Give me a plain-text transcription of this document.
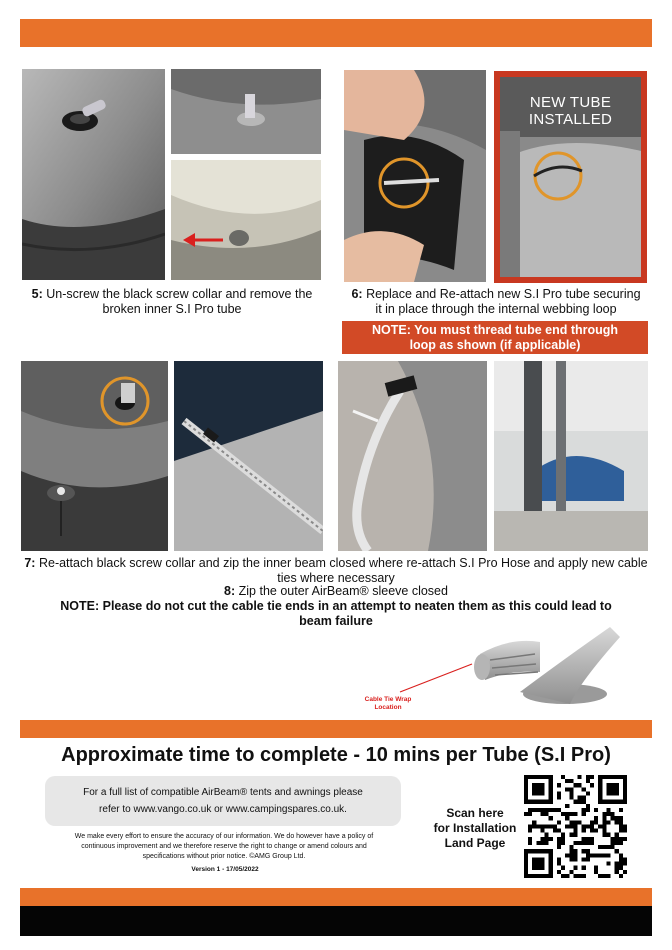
NEW TUBE INSTALLED
5: Un-screw the black screw collar and remove the
broken inner S.I Pro tube
6: Replace and Re-attach new S.I Pro tube securing
it in place through the internal webbing loop
NOTE: You must thread tube end through
loop as shown (if applicable)
7: Re-attach black screw collar and zip the inner beam closed where re-attach S.I Pro Hose and apply new cable
ties where necessary
8: Zip the outer AirBeam® sleeve closed
NOTE: Please do not cut the cable tie ends in an attempt to neaten them as this could lead to
beam failure
Cable Tie Wrap
Location
Approximate time to complete - 10 mins per Tube (S.I Pro)
For a full list of compatible AirBeam® tents and awnings please
refer to www.vango.co.uk or www.campingspares.co.uk.
We make every effort to ensure the accuracy of our information. We do however have a policy of continuous improvement and we therefore reserve the right to change or amend colours and specifications without prior notice. ©AMG Group Ltd.
Version 1 - 17/05/2022
Scan here
for Installation
Land Page
